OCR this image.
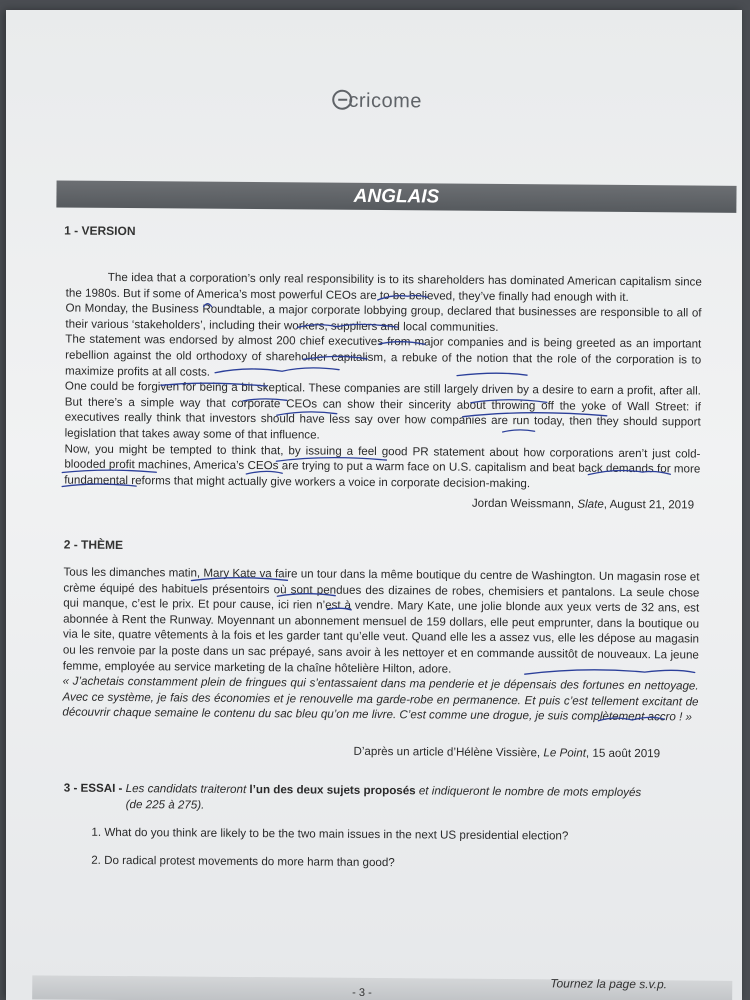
cricome
ANGLAIS
1 - VERSION

The idea that a corporation’s only real responsibility is to its shareholders has dominated American capitalism since the 1980s. But if some of America’s most powerful CEOs are to be believed, they’ve finally had enough with it.

On Monday, the Business Roundtable, a major corporate lobbying group, declared that businesses are responsible to all of their various ‘stakeholders’, including their workers, suppliers and local communities.

The statement was endorsed by almost 200 chief executives from major companies and is being greeted as an important rebellion against the old orthodoxy of shareholder capitalism, a rebuke of the notion that the role of the corporation is to maximize profits at all costs.

One could be forgiven for being a bit skeptical. These companies are still largely driven by a desire to earn a profit, after all. But there’s a simple way that corporate CEOs can show their sincerity about throwing off the yoke of Wall Street: if executives really think that investors should have less say over how companies are run today, then they should support legislation that takes away some of that influence.

Now, you might be tempted to think that, by issuing a feel good PR statement about how corporations aren’t just cold-blooded profit machines, America’s CEOs are trying to put a warm face on U.S. capitalism and beat back demands for more fundamental reforms that might actually give workers a voice in corporate decision-making.

Jordan Weissmann, Slate, August 21, 2019
2 - THÈME

Tous les dimanches matin, Mary Kate va faire un tour dans la même boutique du centre de Washington. Un magasin rose et crème équipé des habituels présentoirs où sont pendues des dizaines de robes, chemisiers et pantalons. La seule chose qui manque, c’est le prix. Et pour cause, ici rien n’est à vendre. Mary Kate, une jolie blonde aux yeux verts de 32 ans, est abonnée à Rent the Runway. Moyennant un abonnement mensuel de 159 dollars, elle peut emprunter, dans la boutique ou via le site, quatre vêtements à la fois et les garder tant qu’elle veut. Quand elle les a assez vus, elle les dépose au magasin ou les renvoie par la poste dans un sac prépayé, sans avoir à les nettoyer et en commande aussitôt de nouveaux. La jeune femme, employée au service marketing de la chaîne hôtelière Hilton, adore.

« J’achetais constamment plein de fringues qui s’entassaient dans ma penderie et je dépensais des fortunes en nettoyage. Avec ce système, je fais des économies et je renouvelle ma garde-robe en permanence. Et puis c’est tellement excitant de découvrir chaque semaine le contenu du sac bleu qu’on me livre. C’est comme une drogue, je suis complètement accro ! »

D’après un article d’Hélène Vissière, Le Point, 15 août 2019
3 - ESSAI - Les candidats traiteront l’un des deux sujets proposés et indiqueront le nombre de mots employés
(de 225 à 275).
1. What do you think are likely to be the two main issues in the next US presidential election?
2. Do radical protest movements do more harm than good?
Tournez la page s.v.p.
- 3 -
